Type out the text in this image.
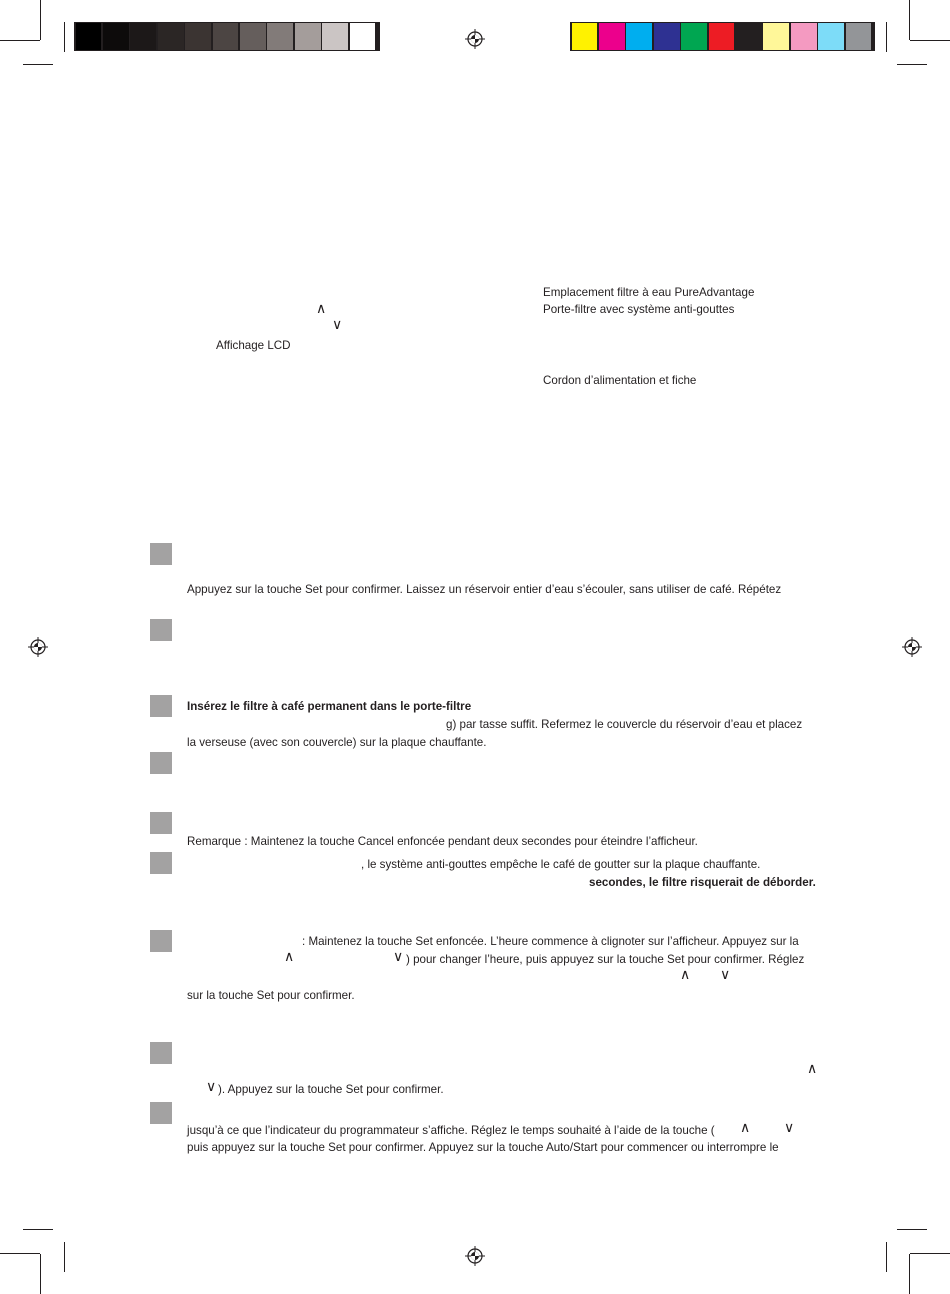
∧
∨
Affichage LCD
Emplacement filtre à eau PureAdvantage
Porte-filtre avec système anti-gouttes
Cordon d’alimentation et fiche
Appuyez sur la touche Set pour confirmer. Laissez un réservoir entier d’eau s’écouler, sans utiliser de café. Répétez
Insérez le filtre à café permanent dans le porte-filtre
g) par tasse suffit. Refermez le couvercle du réservoir d’eau et placez
la verseuse (avec son couvercle) sur la plaque chauffante.
Remarque : Maintenez la touche Cancel enfoncée pendant deux secondes pour éteindre l’afficheur.
, le système anti-gouttes empêche le café de goutter sur la plaque chauffante.
secondes, le filtre risquerait de déborder.
: Maintenez la touche Set enfoncée. L’heure commence à clignoter sur l’afficheur. Appuyez sur la
∧	∨ ) pour changer l’heure, puis appuyez sur la touche Set pour confirmer. Réglez
∧ ∨
sur la touche Set pour confirmer.
∧
∨ ). Appuyez sur la touche Set pour confirmer.
jusqu’à ce que l’indicateur du programmateur s’affiche. Réglez le temps souhaité à l’aide de la touche ( ∧ ∨
puis appuyez sur la touche Set pour confirmer. Appuyez sur la touche Auto/Start pour commencer ou interrompre le
